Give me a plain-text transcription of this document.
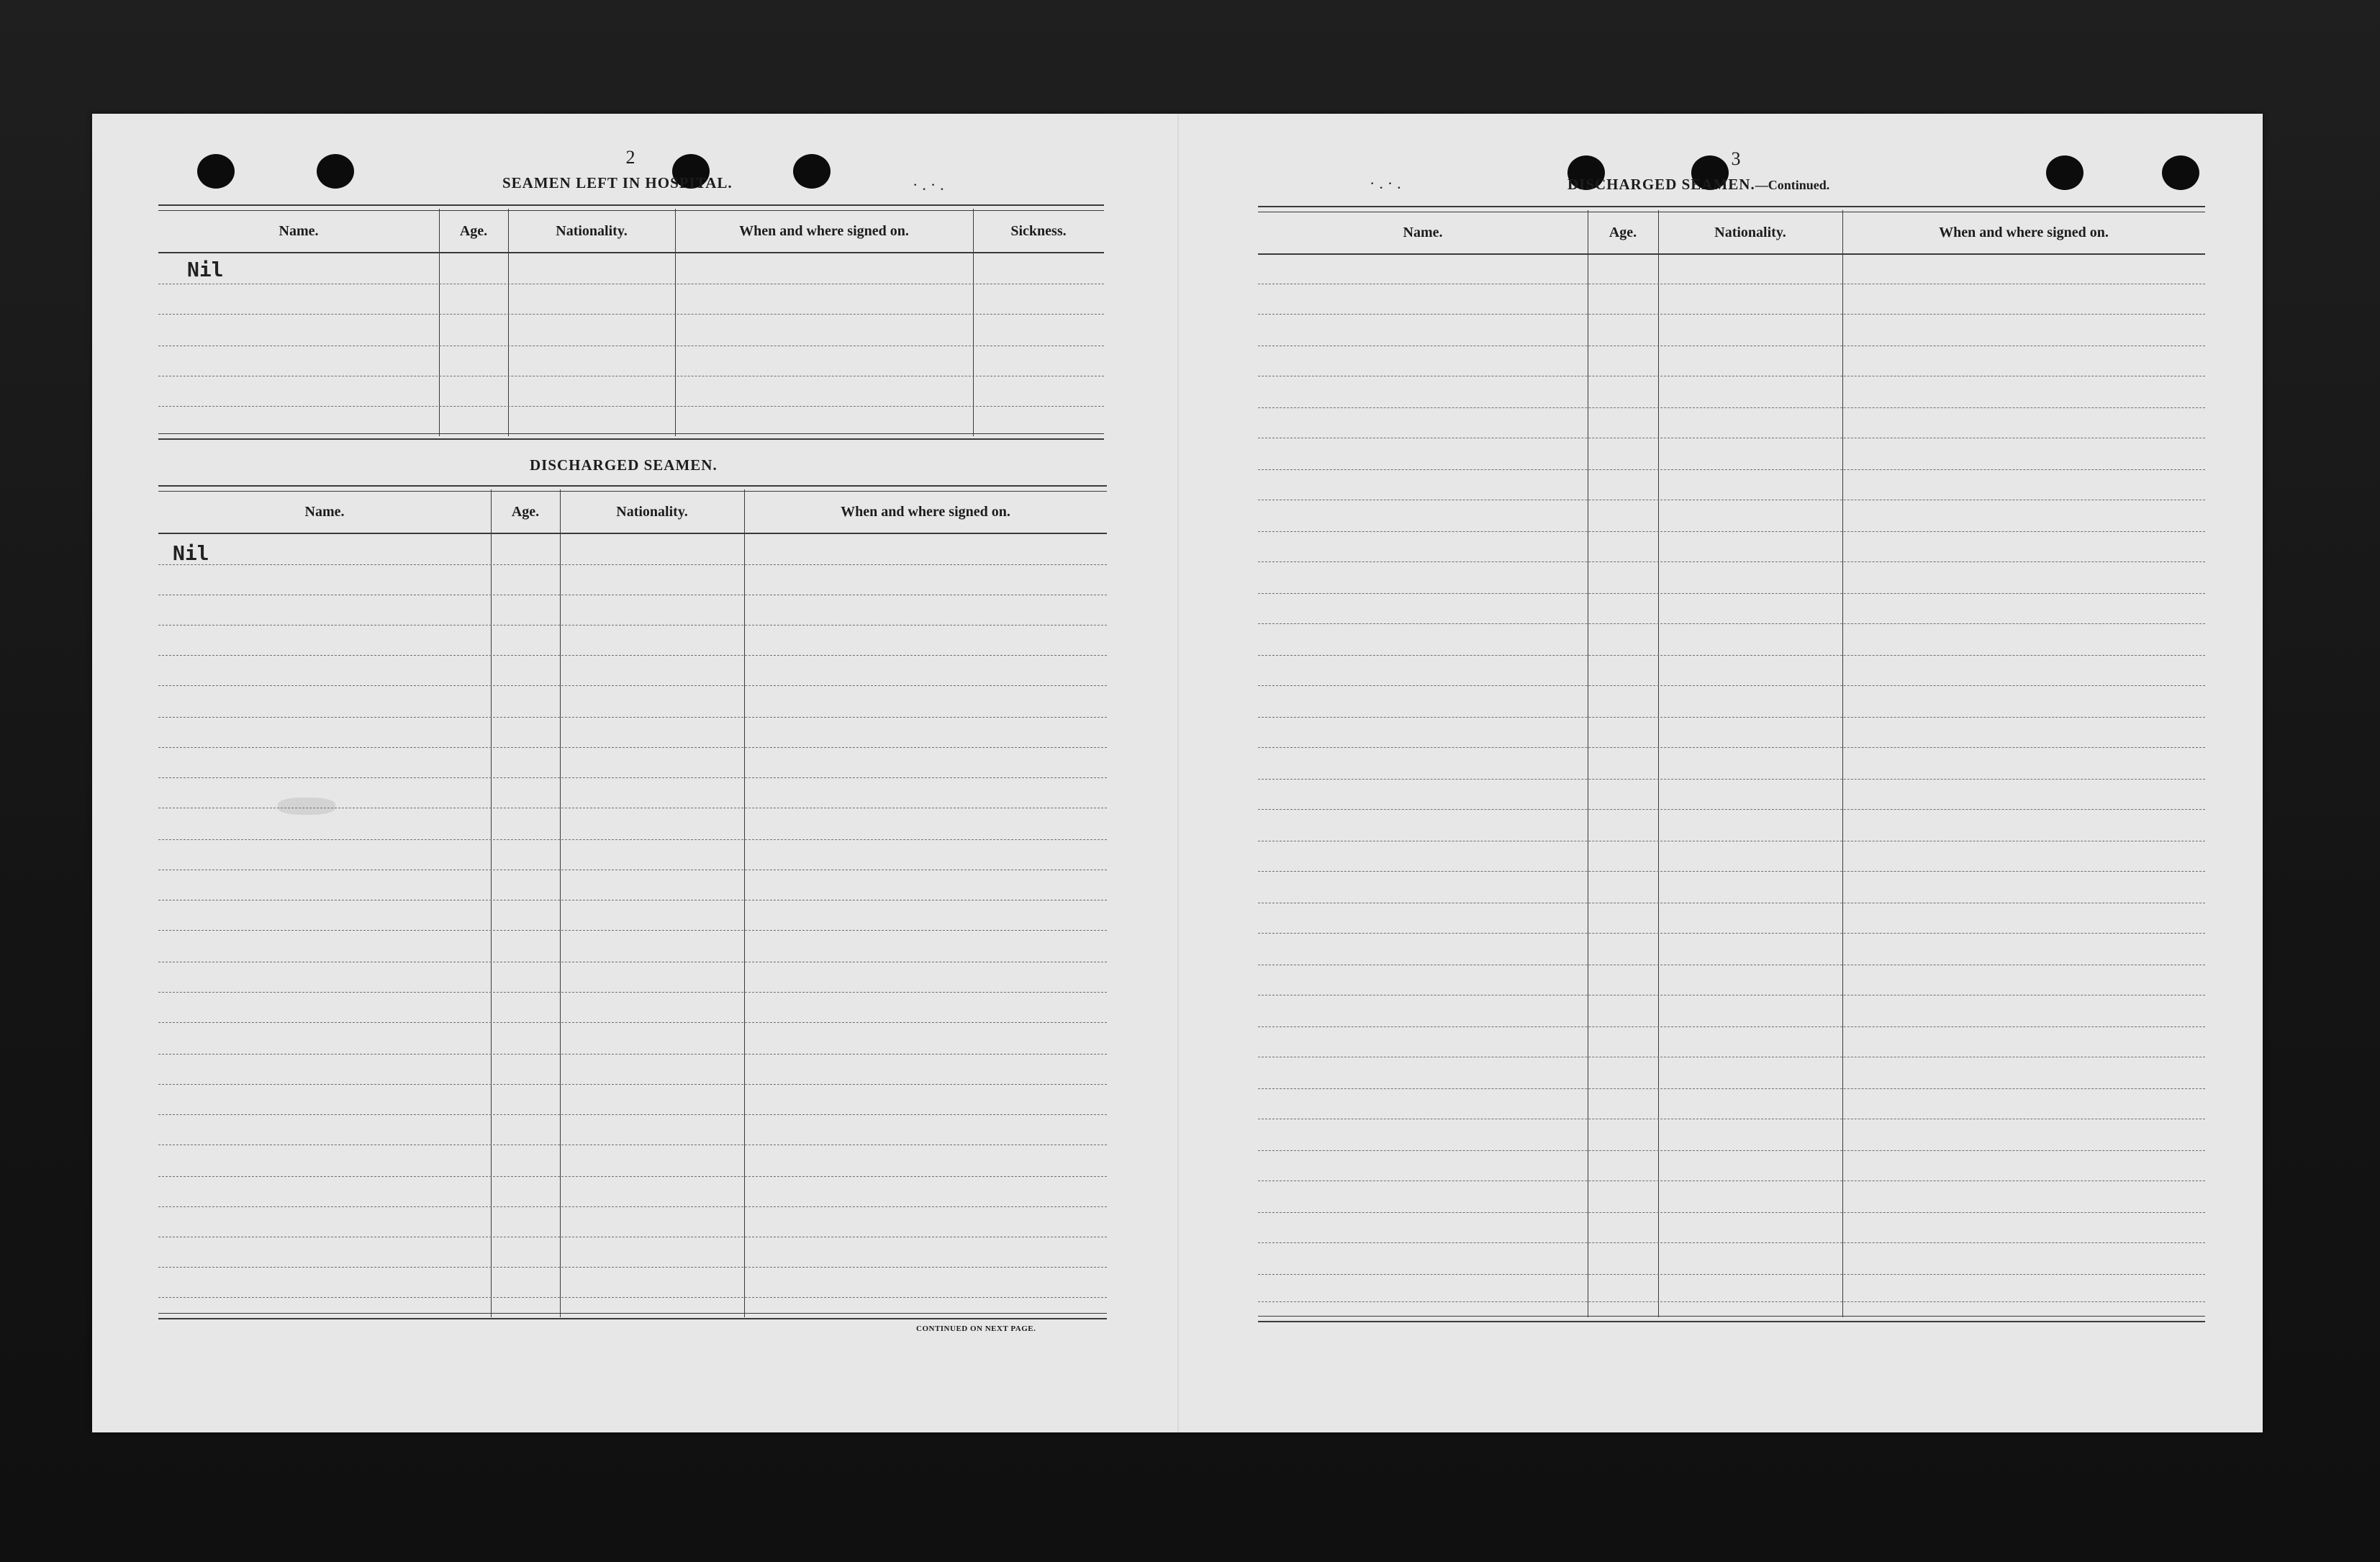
·.·.
2
SEAMEN LEFT IN HOSPITAL.
Name.	Age.	Nationality.	When and where signed on.	Sickness.
Nil
DISCHARGED SEAMEN.
Name.	Age.	Nationality.	When and where signed on.
Nil
CONTINUED ON NEXT PAGE.
·.·.
3
DISCHARGED SEAMEN.—Continued.
Name.	Age.	Nationality.	When and where signed on.
